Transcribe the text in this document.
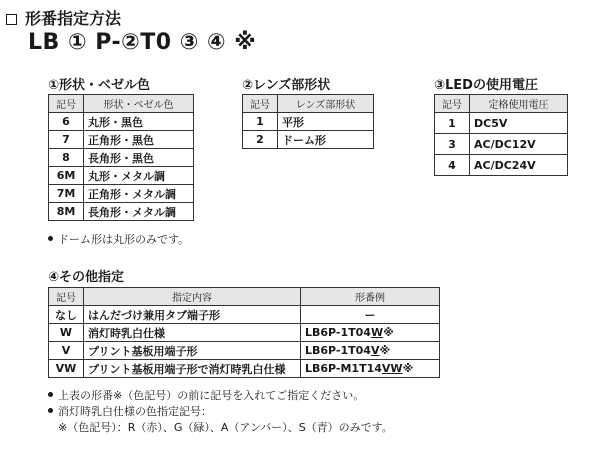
形番指定方法
LB ① P-②T0 ③ ④ ※
①形状・ベゼル色
記号	形状・ベゼル色
6	丸形・黒色
7	正角形・黒色
8	長角形・黒色
6M	丸形・メタル調
7M	正角形・メタル調
8M	長角形・メタル調
ドーム形は丸形のみです。
②レンズ部形状
記号	レンズ部形状
1	平形
2	ドーム形
③LEDの使用電圧
記号	定格使用電圧
1	DC5V
3	AC/DC12V
4	AC/DC24V
④その他指定
記号	指定内容	形番例
なし	はんだづけ兼用タブ端子形	ー
W	消灯時乳白仕様	LB6P-1T04W※
V	プリント基板用端子形	LB6P-1T04V※
VW	プリント基板用端子形で消灯時乳白仕様	LB6P-M1T14VW※
上表の形番※（色記号）の前に記号を入れてご指定ください。
消灯時乳白仕様の色指定記号：
※（色記号）：R（赤）、G（緑）、A（アンバー）、S（青）のみです。
